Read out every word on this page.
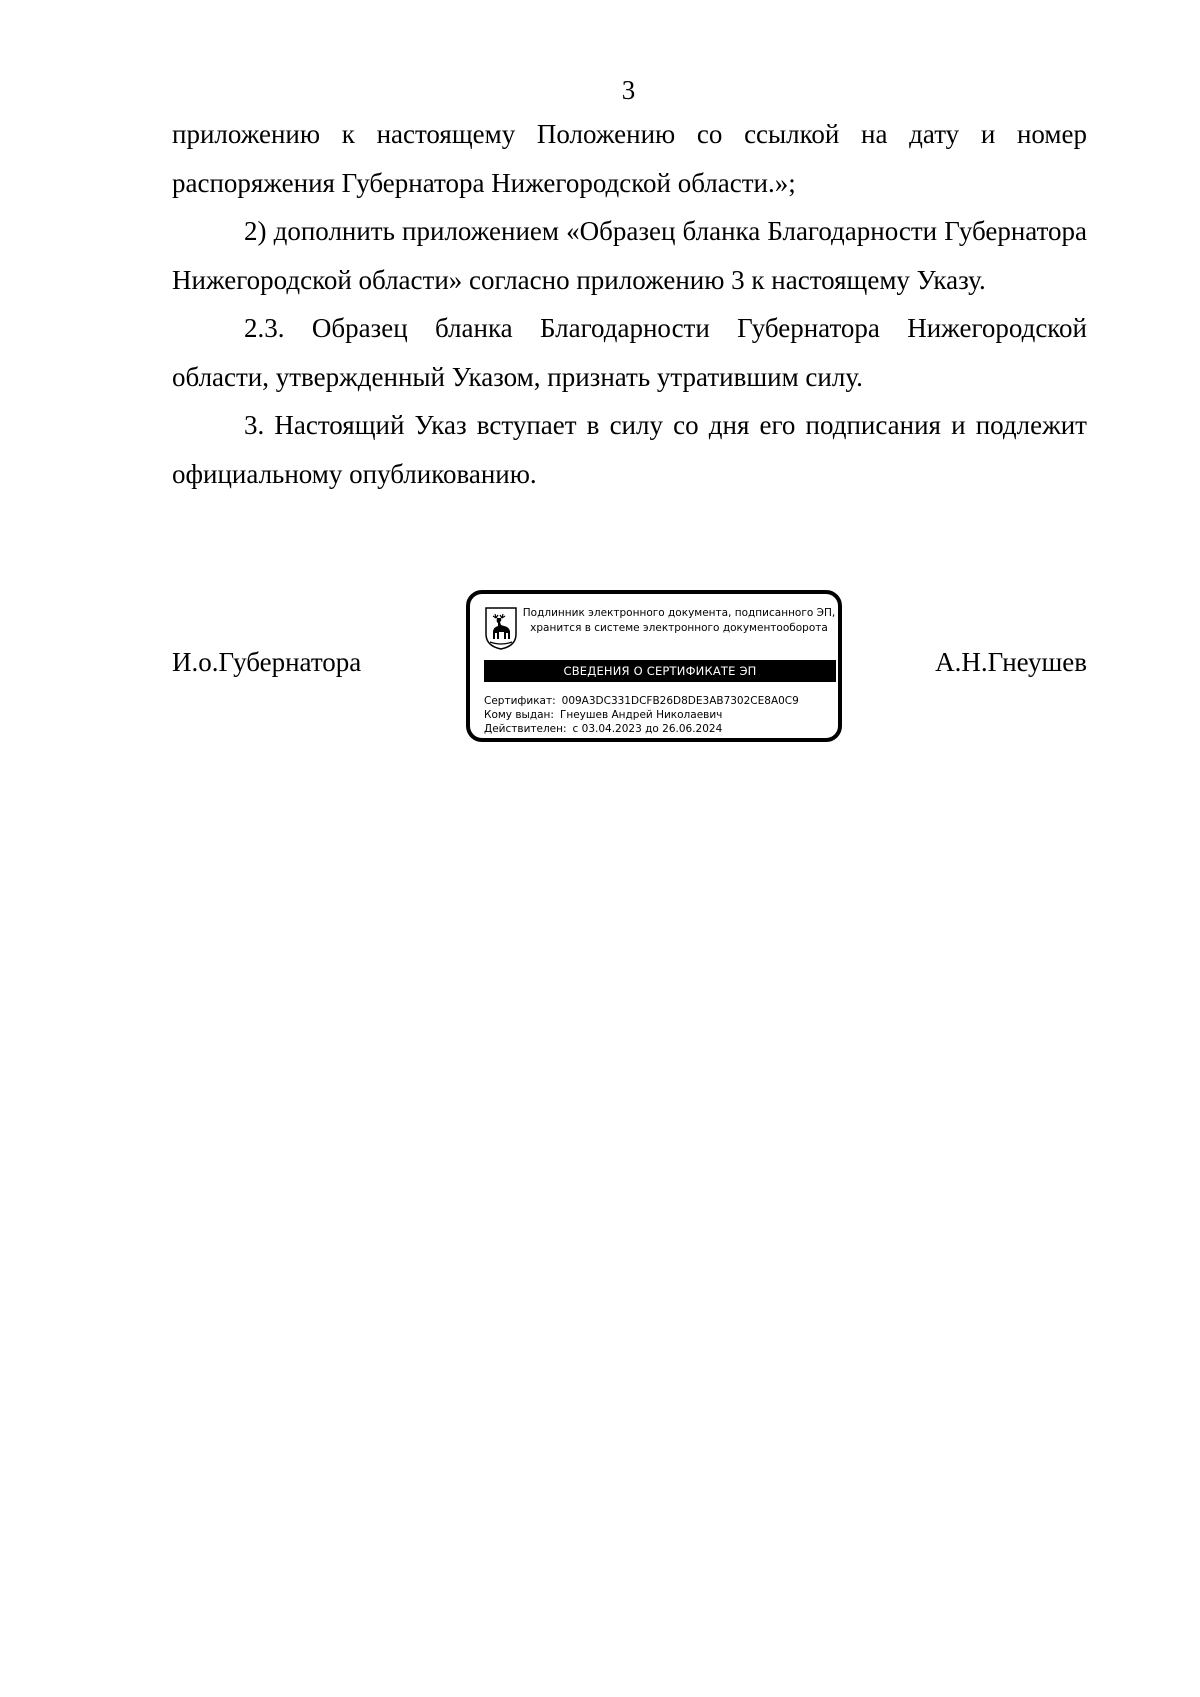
3

приложению к настоящему Положению со ссылкой на дату и номер распоряжения Губернатора Нижегородской области.»;

2) дополнить приложением «Образец бланка Благодарности Губернатора Нижегородской области» согласно приложению 3 к настоящему Указу.

2.3. Образец бланка Благодарности Губернатора Нижегородской области, утвержденный Указом, признать утратившим силу.

3. Настоящий Указ вступает в силу со дня его подписания и подлежит официальному опубликованию.

И.о.Губернатора
Подлинник электронного документа, подписанного ЭП,
хранится в системе электронного документооборота
СВЕДЕНИЯ О СЕРТИФИКАТЕ ЭП
Сертификат: 009A3DC331DCFB26D8DE3AB7302CE8A0C9
Кому выдан: Гнеушев Андрей Николаевич
Действителен: с 03.04.2023 до 26.06.2024
А.Н.Гнеушев
